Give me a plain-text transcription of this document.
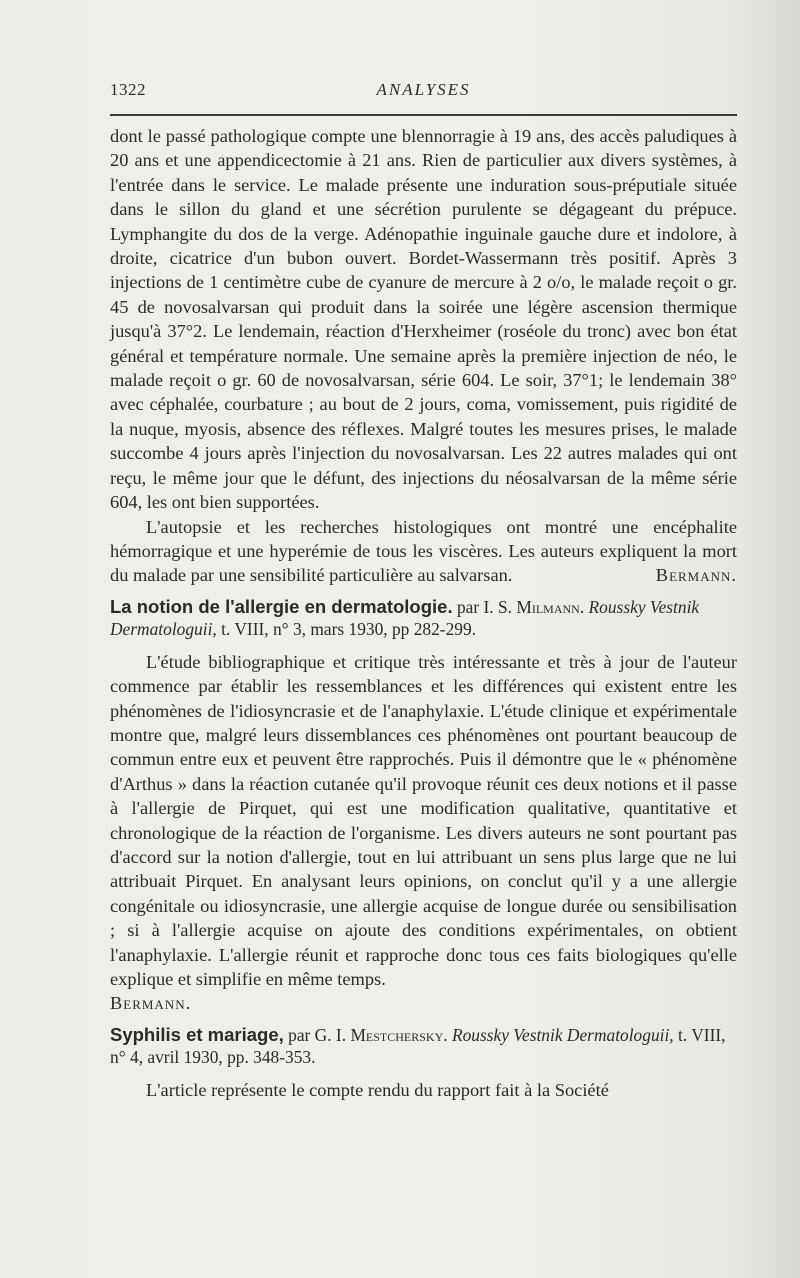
1322	ANALYSES

dont le passé pathologique compte une blennorragie à 19 ans, des accès paludiques à 20 ans et une appendicectomie à 21 ans. Rien de particulier aux divers systèmes, à l'entrée dans le service. Le malade présente une induration sous-préputiale située dans le sillon du gland et une sécrétion purulente se dégageant du prépuce. Lymphangite du dos de la verge. Adénopathie inguinale gauche dure et indolore, à droite, cicatrice d'un bubon ouvert. Bordet-Wassermann très positif. Après 3 injections de 1 centimètre cube de cyanure de mercure à 2 o/o, le malade reçoit o gr. 45 de novosalvarsan qui produit dans la soirée une légère ascension thermique jusqu'à 37°2. Le lendemain, réaction d'Herxheimer (roséole du tronc) avec bon état général et température normale. Une semaine après la première injection de néo, le malade reçoit o gr. 60 de novosalvarsan, série 604. Le soir, 37°1; le lendemain 38° avec céphalée, courbature ; au bout de 2 jours, coma, vomissement, puis rigidité de la nuque, myosis, absence des réflexes. Malgré toutes les mesures prises, le malade succombe 4 jours après l'injection du novosalvarsan. Les 22 autres malades qui ont reçu, le même jour que le défunt, des injections du néosalvarsan de la même série 604, les ont bien supportées.

L'autopsie et les recherches histologiques ont montré une encéphalite hémorragique et une hyperémie de tous les viscères. Les auteurs expliquent la mort du malade par une sensibilité particulière au salvarsan.	Bermann.

La notion de l'allergie en dermatologie. par I. S. Milmann. Roussky Vestnik Dermatologuii, t. VIII, n° 3, mars 1930, pp 282-299.

L'étude bibliographique et critique très intéressante et très à jour de l'auteur commence par établir les ressemblances et les différences qui existent entre les phénomènes de l'idiosyncrasie et de l'anaphylaxie. L'étude clinique et expérimentale montre que, malgré leurs dissemblances ces phénomènes ont pourtant beaucoup de commun entre eux et peuvent être rapprochés. Puis il démontre que le « phénomène d'Arthus » dans la réaction cutanée qu'il provoque réunit ces deux notions et il passe à l'allergie de Pirquet, qui est une modification qualitative, quantitative et chronologique de la réaction de l'organisme. Les divers auteurs ne sont pourtant pas d'accord sur la notion d'allergie, tout en lui attribuant un sens plus large que ne lui attribuait Pirquet. En analysant leurs opinions, on conclut qu'il y a une allergie congénitale ou idiosyncrasie, une allergie acquise de longue durée ou sensibilisation ; si à l'allergie acquise on ajoute des conditions expérimentales, on obtient l'anaphylaxie. L'allergie réunit et rapproche donc tous ces faits biologiques qu'elle explique et simplifie en même temps.

Bermann.

Syphilis et mariage, par G. I. Mestchersky. Roussky Vestnik Dermatologuii, t. VIII, n° 4, avril 1930, pp. 348-353.

L'article représente le compte rendu du rapport fait à la Société
